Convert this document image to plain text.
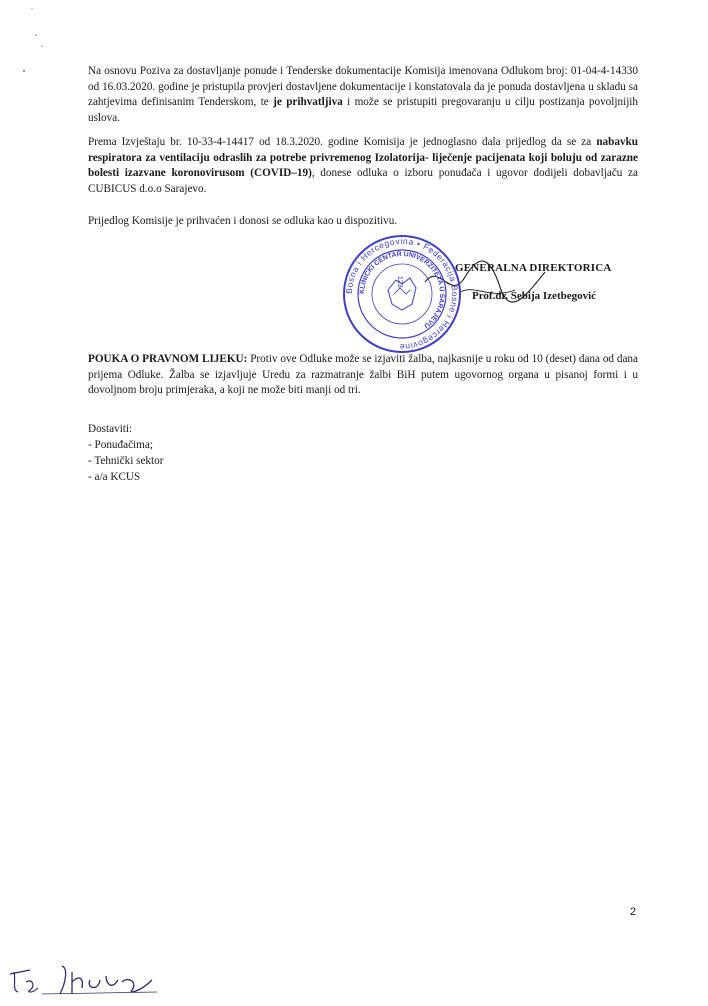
Na osnovu Poziva za dostavljanje ponude i Tenderske dokumentacije Komisija imenovana Odlukom broj: 01-04-4-14330 od 16.03.2020. godine je pristupila provjeri dostavljene dokumentacije i konstatovala da je ponuda dostavljena u skladu sa zahtjevima definisanim Tenderskom, te je prihvatljiva i može se pristupiti pregovaranju u cilju postizanja povoljnijih uslova.

Prema Izvještaju br. 10-33-4-14417 od 18.3.2020. godine Komisija je jednoglasno dala prijedlog da se za nabavku respiratora za ventilaciju odraslih za potrebe privremenog Izolatorija- liječenje pacijenata koji boluju od zarazne bolesti izazvane koronovirusom (COVID–19), donese odluka o izboru ponuđača i ugovor dodijeli dobavljaču za CUBICUS d.o.o Sarajevo.

Prijedlog Komisije je prihvaćen i donosi se odluka kao u dispozitivu.

GENERALNA DIREKTORICA
Prof.dr. Sebija Izetbegović
Bosna i Hercegovina • Federacija Bosne i Hercegovine
KLINIČKI CENTAR UNIVERZITETA U SARAJEVU
123

POUKA O PRAVNOM LIJEKU: Protiv ove Odluke može se izjaviti žalba, najkasnije u roku od 10 (deset) dana od dana prijema Odluke. Žalba se izjavljuje Uredu za razmatranje žalbi BiH putem ugovornog organa u pisanoj formi i u dovoljnom broju primjeraka, a koji ne može biti manji od tri.

Dostaviti:
- Ponuđačima;
- Tehnički sektor
- a/a KCUS
2
